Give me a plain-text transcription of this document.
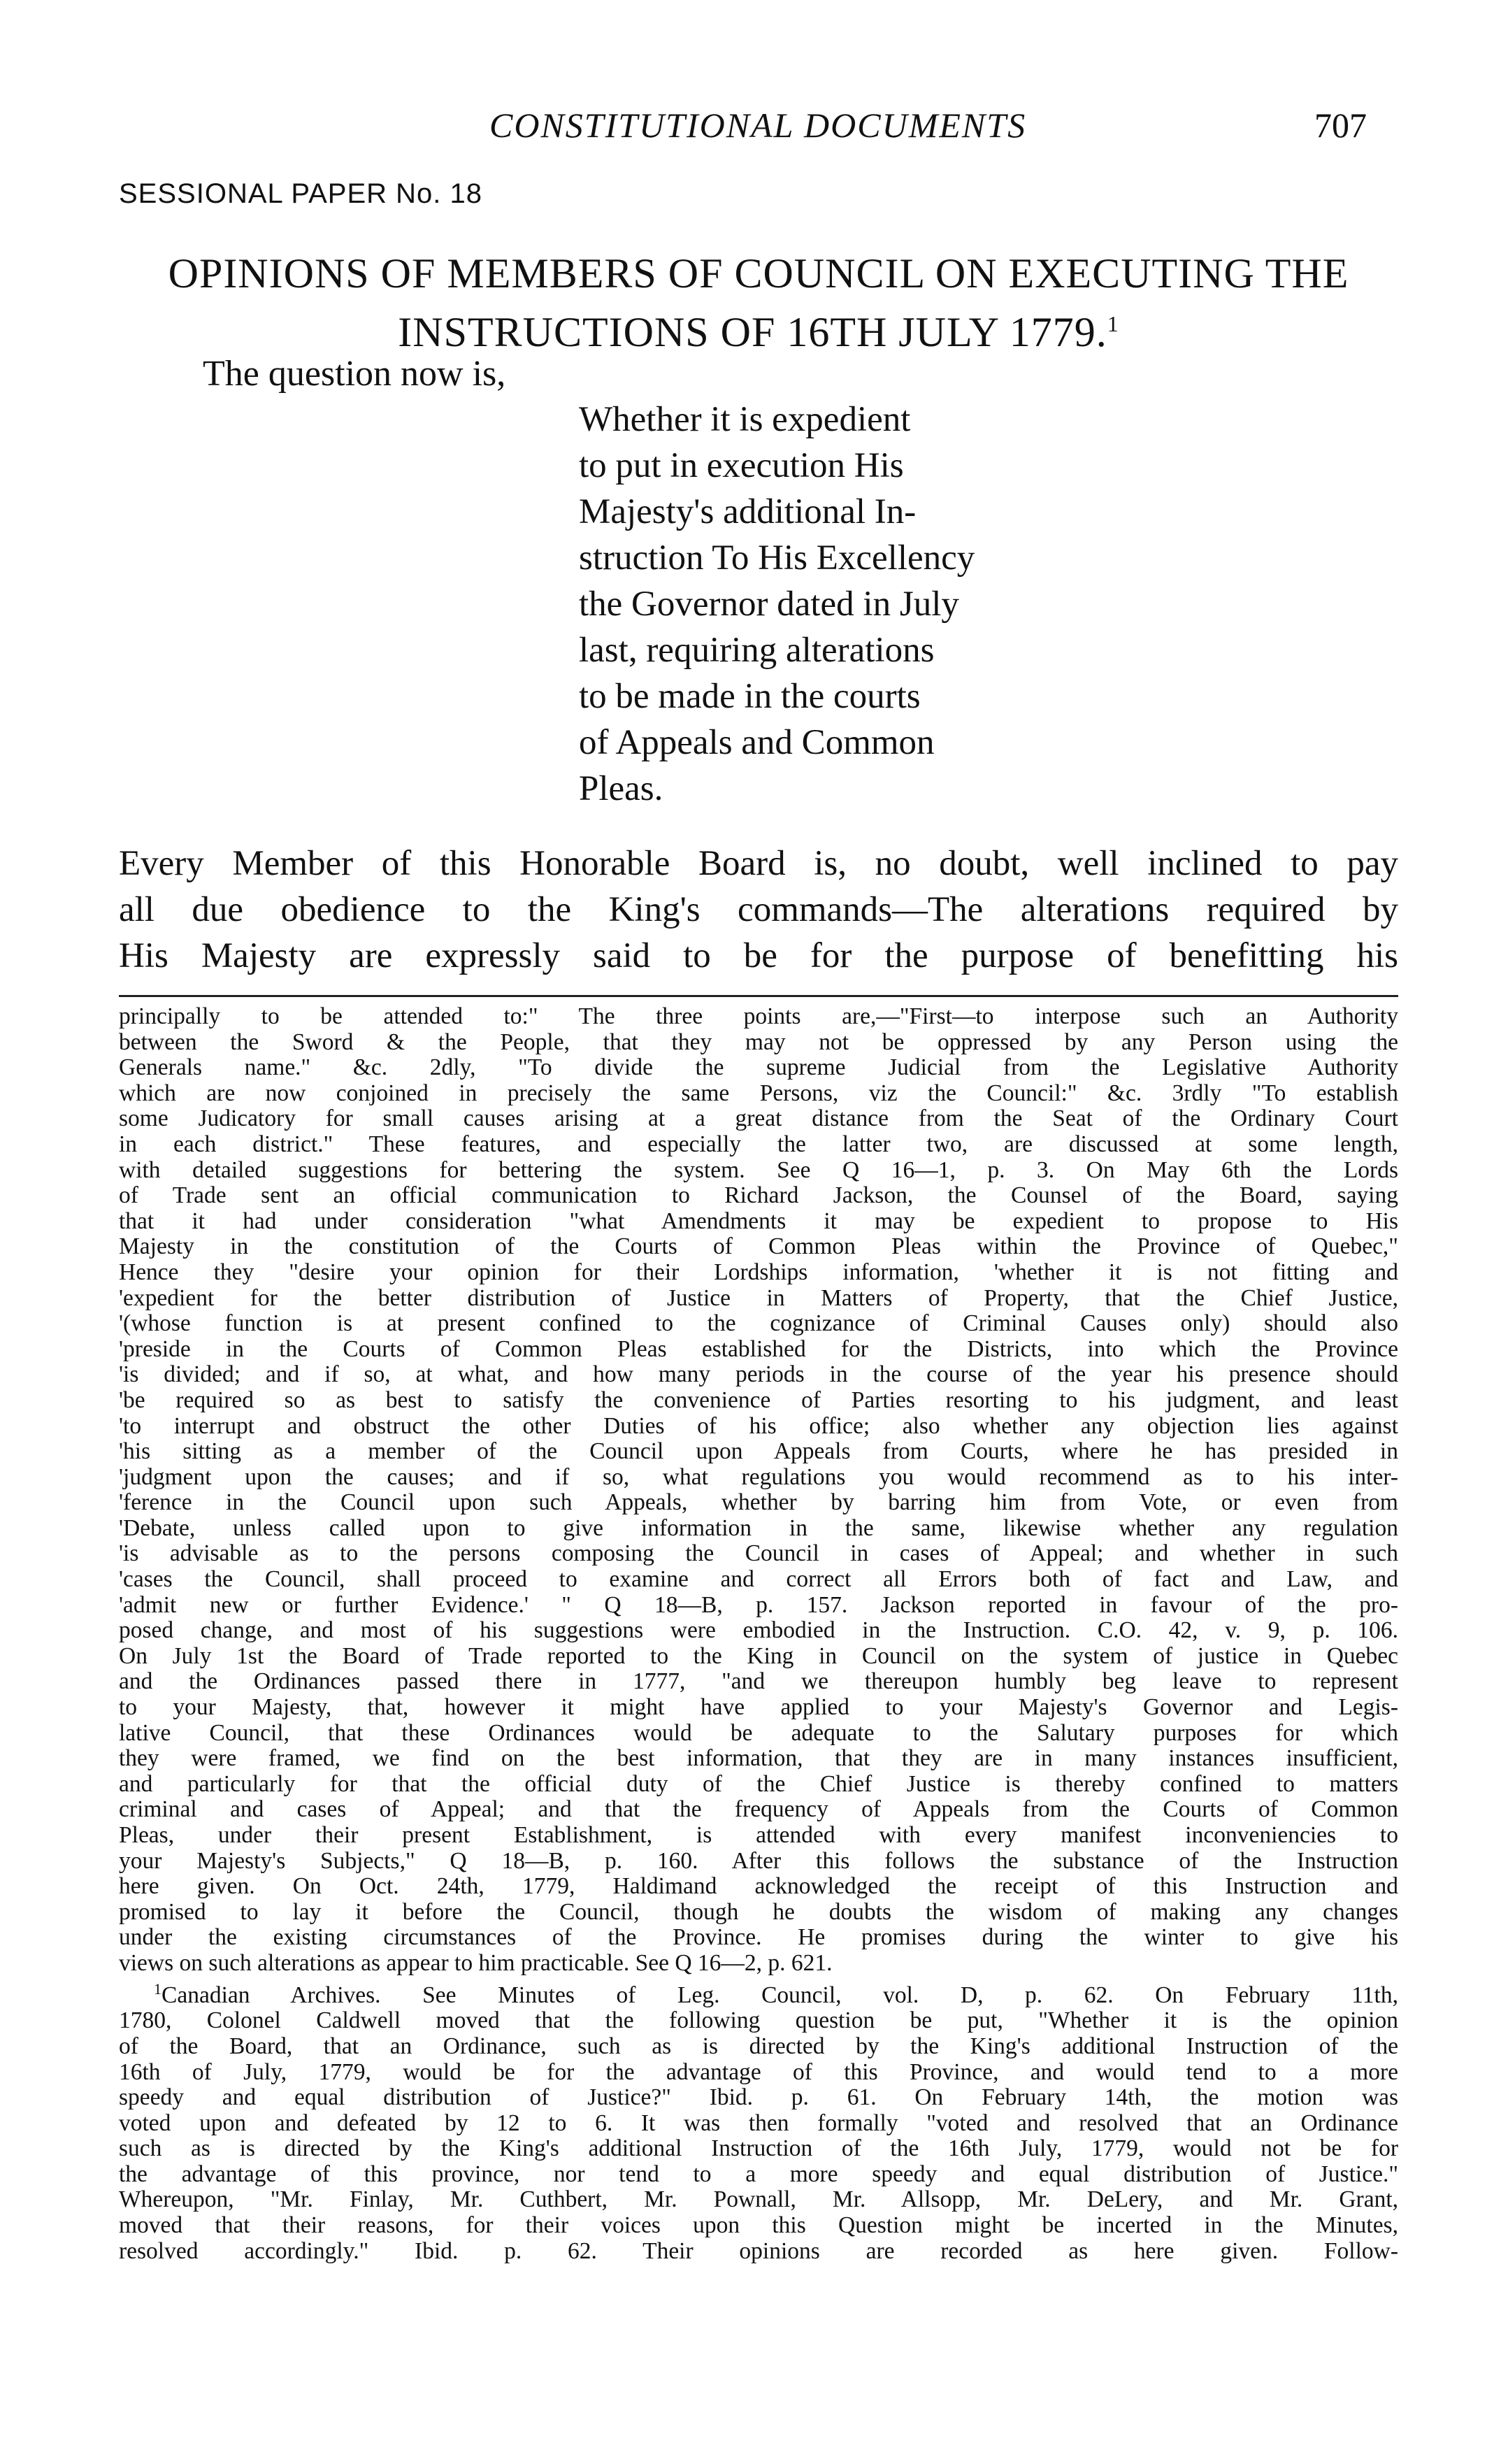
CONSTITUTIONAL DOCUMENTS	707
SESSIONAL PAPER No. 18
OPINIONS OF MEMBERS OF COUNCIL ON EXECUTING THE INSTRUCTIONS OF 16TH JULY 1779.$^1$
The question now is,
Whether it is expedient
to put in execution His
Majesty's additional In-
struction To His Excellency
the Governor dated in July
last, requiring alterations
to be made in the courts
of Appeals and Common
Pleas.
Every Member of this Honorable Board is, no doubt, well inclined to pay
all due obedience to the King's commands—The alterations required by
His Majesty are expressly said to be for the purpose of benefitting his

principally to be attended to:" The three points are,—"First—to interpose such an Authority
between the Sword & the People, that they may not be oppressed by any Person using the
Generals name." &c. 2dly, "To divide the supreme Judicial from the Legislative Authority
which are now conjoined in precisely the same Persons, viz the Council:" &c. 3rdly "To establish
some Judicatory for small causes arising at a great distance from the Seat of the Ordinary Court
in each district." These features, and especially the latter two, are discussed at some length,
with detailed suggestions for bettering the system. See Q 16—1, p. 3. On May 6th the Lords
of Trade sent an official communication to Richard Jackson, the Counsel of the Board, saying
that it had under consideration "what Amendments it may be expedient to propose to His
Majesty in the constitution of the Courts of Common Pleas within the Province of Quebec,"
Hence they "desire your opinion for their Lordships information, 'whether it is not fitting and
'expedient for the better distribution of Justice in Matters of Property, that the Chief Justice,
'(whose function is at present confined to the cognizance of Criminal Causes only) should also
'preside in the Courts of Common Pleas established for the Districts, into which the Province
'is divided; and if so, at what, and how many periods in the course of the year his presence should
'be required so as best to satisfy the convenience of Parties resorting to his judgment, and least
'to interrupt and obstruct the other Duties of his office; also whether any objection lies against
'his sitting as a member of the Council upon Appeals from Courts, where he has presided in
'judgment upon the causes; and if so, what regulations you would recommend as to his inter-
'ference in the Council upon such Appeals, whether by barring him from Vote, or even from
'Debate, unless called upon to give information in the same, likewise whether any regulation
'is advisable as to the persons composing the Council in cases of Appeal; and whether in such
'cases the Council, shall proceed to examine and correct all Errors both of fact and Law, and
'admit new or further Evidence.' " Q 18—B, p. 157. Jackson reported in favour of the pro-
posed change, and most of his suggestions were embodied in the Instruction. C.O. 42, v. 9, p. 106.
On July 1st the Board of Trade reported to the King in Council on the system of justice in Quebec
and the Ordinances passed there in 1777, "and we thereupon humbly beg leave to represent
to your Majesty, that, however it might have applied to your Majesty's Governor and Legis-
lative Council, that these Ordinances would be adequate to the Salutary purposes for which
they were framed, we find on the best information, that they are in many instances insufficient,
and particularly for that the official duty of the Chief Justice is thereby confined to matters
criminal and cases of Appeal; and that the frequency of Appeals from the Courts of Common
Pleas, under their present Establishment, is attended with every manifest inconveniencies to
your Majesty's Subjects," Q 18—B, p. 160. After this follows the substance of the Instruction
here given. On Oct. 24th, 1779, Haldimand acknowledged the receipt of this Instruction and
promised to lay it before the Council, though he doubts the wisdom of making any changes
under the existing circumstances of the Province. He promises during the winter to give his
views on such alterations as appear to him practicable. See Q 16—2, p. 621.

$^1$Canadian Archives. See Minutes of Leg. Council, vol. D, p. 62. On February 11th,
1780, Colonel Caldwell moved that the following question be put, "Whether it is the opinion
of the Board, that an Ordinance, such as is directed by the King's additional Instruction of the
16th of July, 1779, would be for the advantage of this Province, and would tend to a more
speedy and equal distribution of Justice?" Ibid. p. 61. On February 14th, the motion was
voted upon and defeated by 12 to 6. It was then formally "voted and resolved that an Ordinance
such as is directed by the King's additional Instruction of the 16th July, 1779, would not be for
the advantage of this province, nor tend to a more speedy and equal distribution of Justice."
Whereupon, "Mr. Finlay, Mr. Cuthbert, Mr. Pownall, Mr. Allsopp, Mr. DeLery, and Mr. Grant,
moved that their reasons, for their voices upon this Question might be incerted in the Minutes,
resolved accordingly." Ibid. p. 62. Their opinions are recorded as here given. Follow-
